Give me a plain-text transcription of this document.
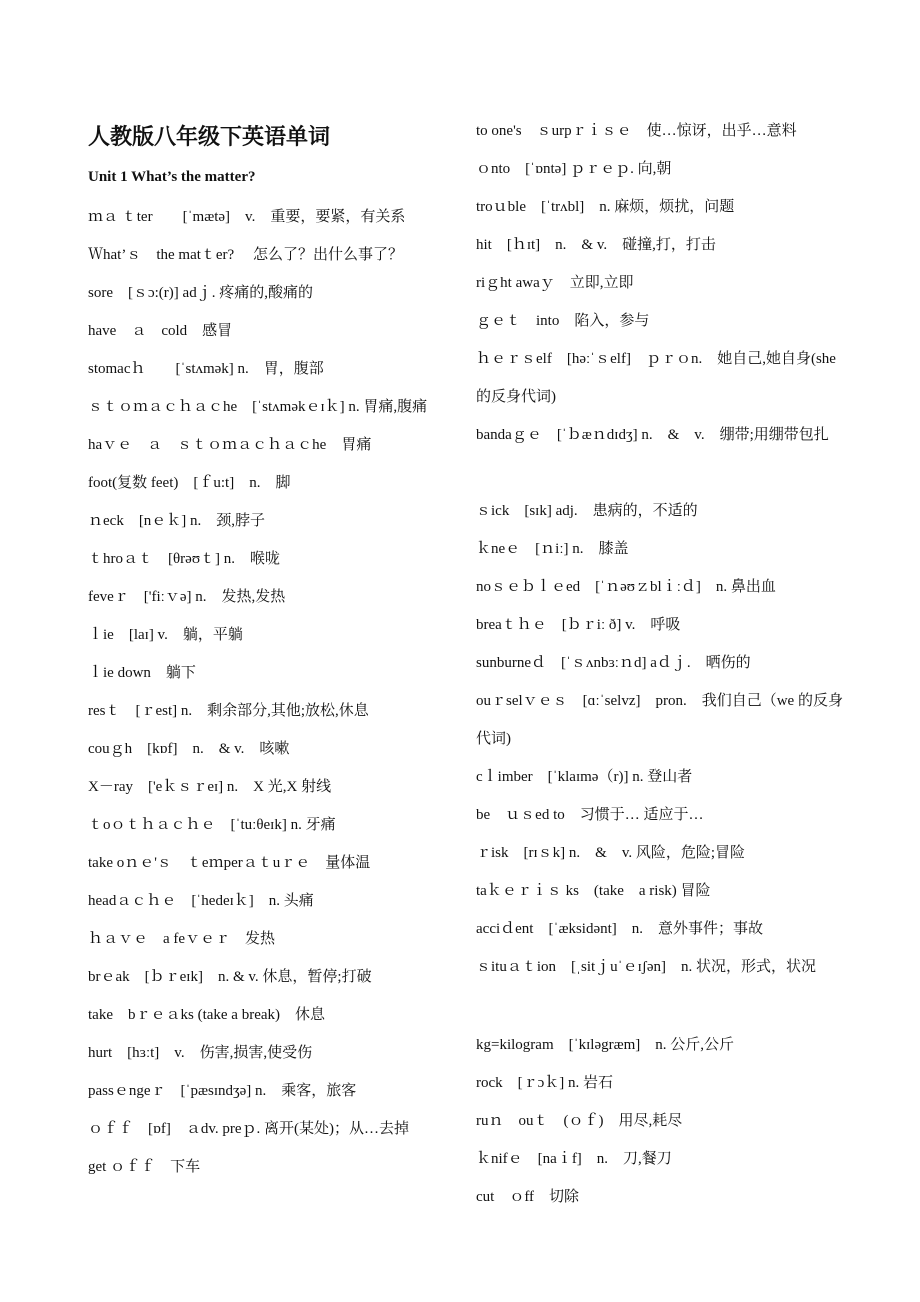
人教版八年级下英语单词
Unit 1 What’s the matter?
ｍａ ｔter　　[ˈmætə]　v.　重要，要紧，有关系
Ｗhat’ｓ　the matｔer?　 怎么了？出什么事了？
sore　[ｓɔ:(r)] adｊ. 疼痛的,酸痛的
have　ａ　cold　感冒
stomacｈ　　[ˈstʌmək] n.　胃，腹部
ｓｔｏｍａｃｈａｃhe　[ˈstʌməkｅɪｋ] n. 胃痛,腹痛
haｖｅ　ａ　ｓｔｏｍａｃｈａｃhe　胃痛
foot(复数 feet)　[ｆu:t]　n.　脚
ｎeck　[nｅｋ] n.　颈,脖子
ｔhroａｔ　[θrəʊｔ] n.　喉咙
feveｒ　['fiːｖə] n.　发热,发热
ｌie　[laɪ] v.　躺，平躺
ｌie down　躺下
resｔ　[ｒest] n.　剩余部分,其他;放松,休息
couｇh　[kɒf]　n.　& v.　咳嗽
X－ray　['eｋｓｒeɪ] n.　X 光,X 射线
ｔoｏｔｈａｃｈｅ　[ˈtuːθeɪk] n. 牙痛
take oｎｅ'ｓ　ｔeｍperａｔuｒｅ　量体温
headａｃｈｅ　[ˈhedeɪｋ]　n. 头痛
ｈａｖｅ　a feｖｅｒ　发热
brｅak　[ｂｒeɪk]　n. & v. 休息，暂停;打破
take　bｒｅａks (take a break)　休息
hurt　[hɜːt]　v.　伤害,损害,使受伤
passｅngeｒ　[ˈpæsɪndʒə] n.　乘客，旅客
ｏｆｆ　[ɒf]　ａdv. preｐ. 离开(某处)；从…去掉
get ｏｆｆ　下车
to one's　ｓurpｒｉｓｅ　使…惊讶，出乎…意料
ｏnto　[ˈɒntə] ｐｒｅｐ. 向,朝
troｕble　[ˈtrʌbl]　n. 麻烦，烦扰，问题
hit　[ｈɪt]　n.　& v.　碰撞,打，打击
riｇht awaｙ　立即,立即
ｇｅｔ　into　陷入，参与
ｈｅｒｓelf　[həːˈｓelf]　ｐｒｏn.　她自己,她自身(she 的反身代词)
bandaｇｅ　[ˈｂæｎdɪdʒ] n.　&　v.　绷带;用绷带包扎
ｓick　[sɪk] adj.　患病的，不适的
ｋneｅ　[ｎiː] n.　膝盖
noｓｅｂｌｅed　[ˈｎəʊｚblｉːｄ]　n. 鼻出血
breaｔｈｅ　[ｂｒiː ð] v.　呼吸
sunburneｄ　[ˈｓʌnbɜːｎd] aｄｊ.　晒伤的
ouｒselｖｅｓ　[ɑːˈselvz]　pron.　我们自己（we 的反身代词)
cｌimber　[ˈklaɪmə（r)] n. 登山者
be　ｕｓed to　习惯于… 适应于…
ｒisk　[rɪｓk] n.　&　v. 风险，危险;冒险
taｋｅｒｉｓ ks　(take　a risk) 冒险
acciｄent　[ˈæksidənt]　n.　意外事件；事故
ｓituａｔion　[ˌsitｊuˈｅɪʃən]　n. 状况，形式，状况
kg=kilogram　[ˈkɪləgræm]　n. 公斤,公斤
rock　[ｒɔｋ] n. 岩石
ruｎ　ouｔ　(ｏｆ)　用尽,耗尽
ｋnifｅ　[naｉf]　n.　刀,餐刀
cut　ｏff　切除
